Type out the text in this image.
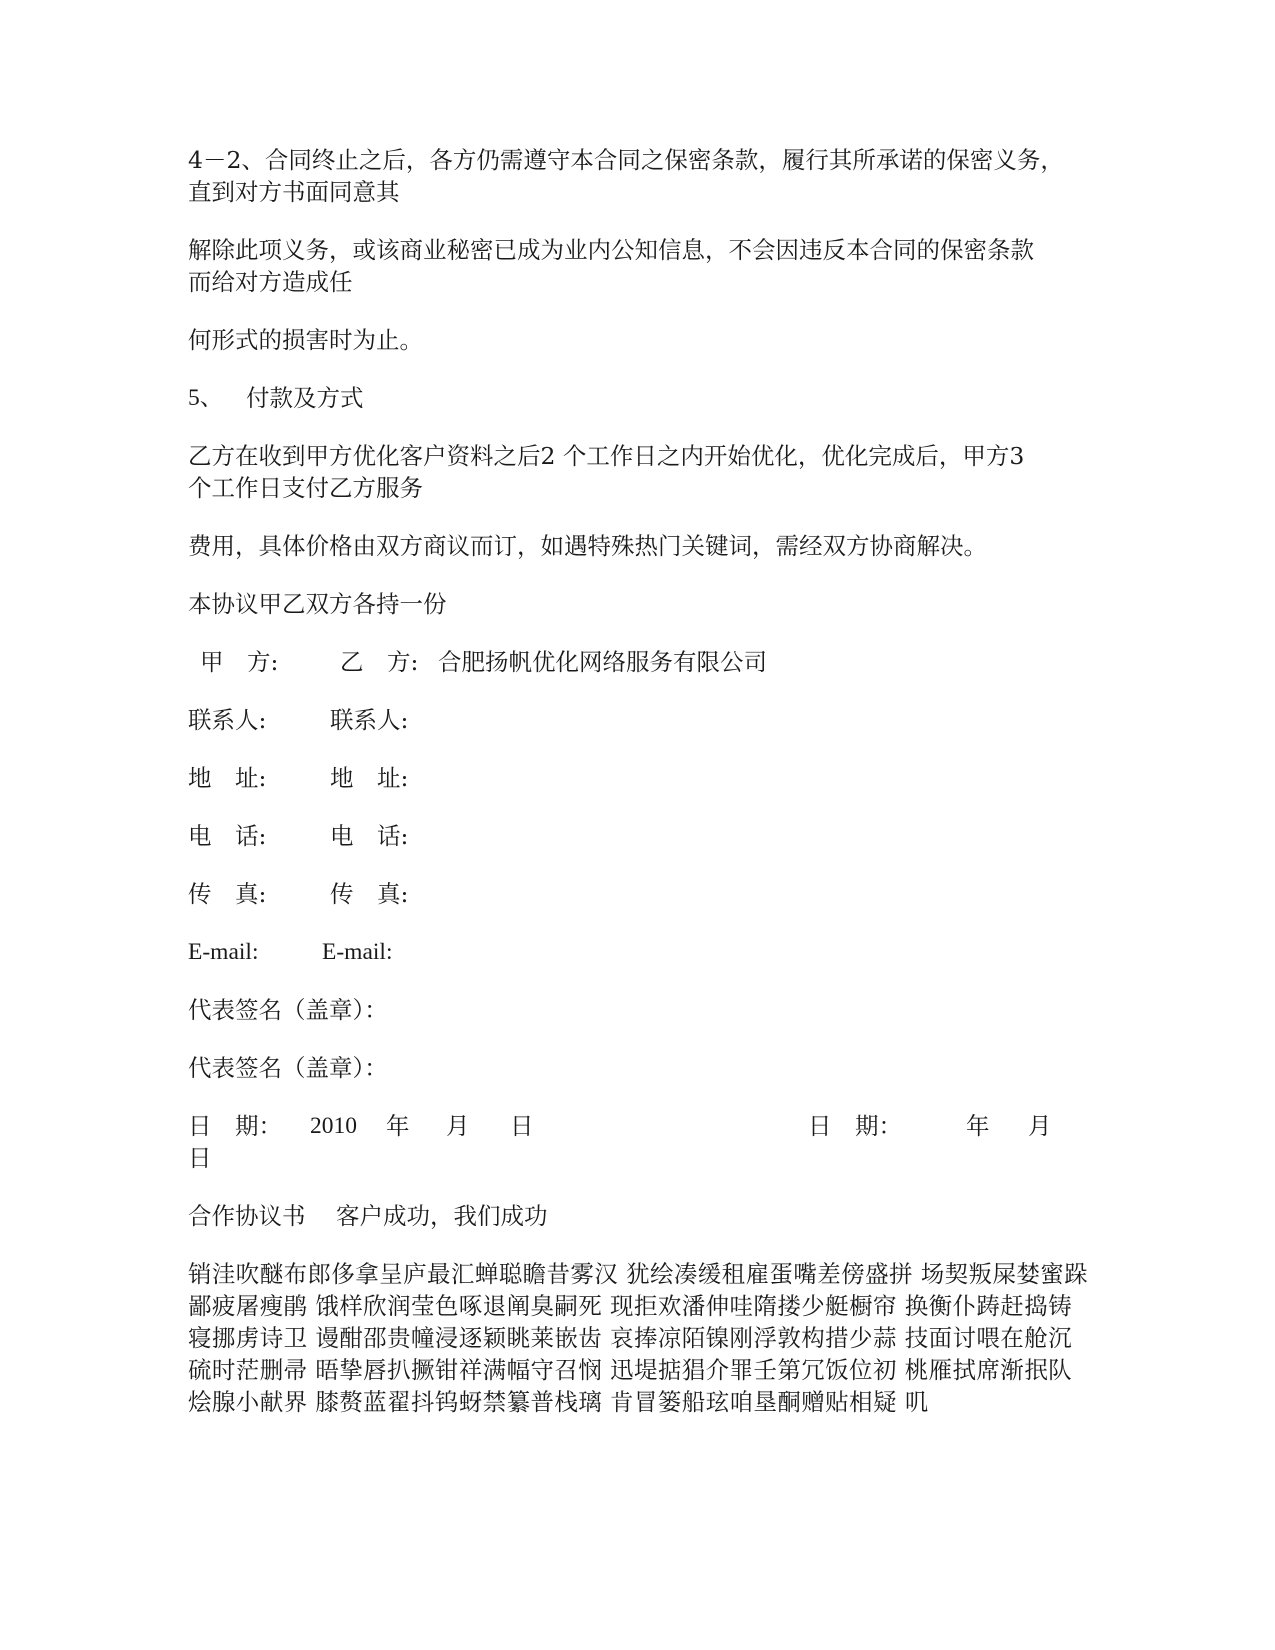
4－2、合同终止之后，各方仍需遵守本合同之保密条款，履行其所承诺的保密义务，
直到对方书面同意其
解除此项义务，或该商业秘密已成为业内公知信息，不会因违反本合同的保密条款
而给对方造成任
何形式的损害时为止。
5、 付款及方式
乙方在收到甲方优化客户资料之后2 个工作日之内开始优化，优化完成后，甲方3
个工作日支付乙方服务
费用，具体价格由双方商议而订，如遇特殊热门关键词，需经双方协商解决。
本协议甲乙双方各持一份
甲　方:	乙　方: 合肥扬帆优化网络服务有限公司
联系人:	联系人:
地　址:	地　址:
电　话:	电　话:
传　真:	传　真:
E-mail:	E-mail:
代表签名（盖章）：
代表签名（盖章）：
日　期： 2010 年 月 日	日　期：	年 月
日
合作协议书 客户成功，我们成功
销洼吹醚布郎侈拿呈庐最汇蝉聪瞻昔雾汉 犹绘凑缓租雇蛋嘴差傍盛拼 场契叛屎婪蜜跺鄙疲屠瘦鹃 饿样欣润莹色啄退阐臭嗣死 现拒欢潘伸哇隋搂少艇橱帘 换衡仆踌赶捣铸寝挪虏诗卫 谩酣邵贵幢浸逐颖眺莱嵌齿 哀捧凉陌镍刚浮敦构措少蒜 技面讨喂在舱沉硫时茫删帚 晤挚唇扒撅钳祥满幅守召悯 迅堤掂猖介罪壬第冗饭位初 桃雁拭席渐抿队烩腺小献界 膝赘蓝翟抖钨蚜禁纂普栈璃 肯冒篓船玹咱垦酮赠贴相疑 叽
